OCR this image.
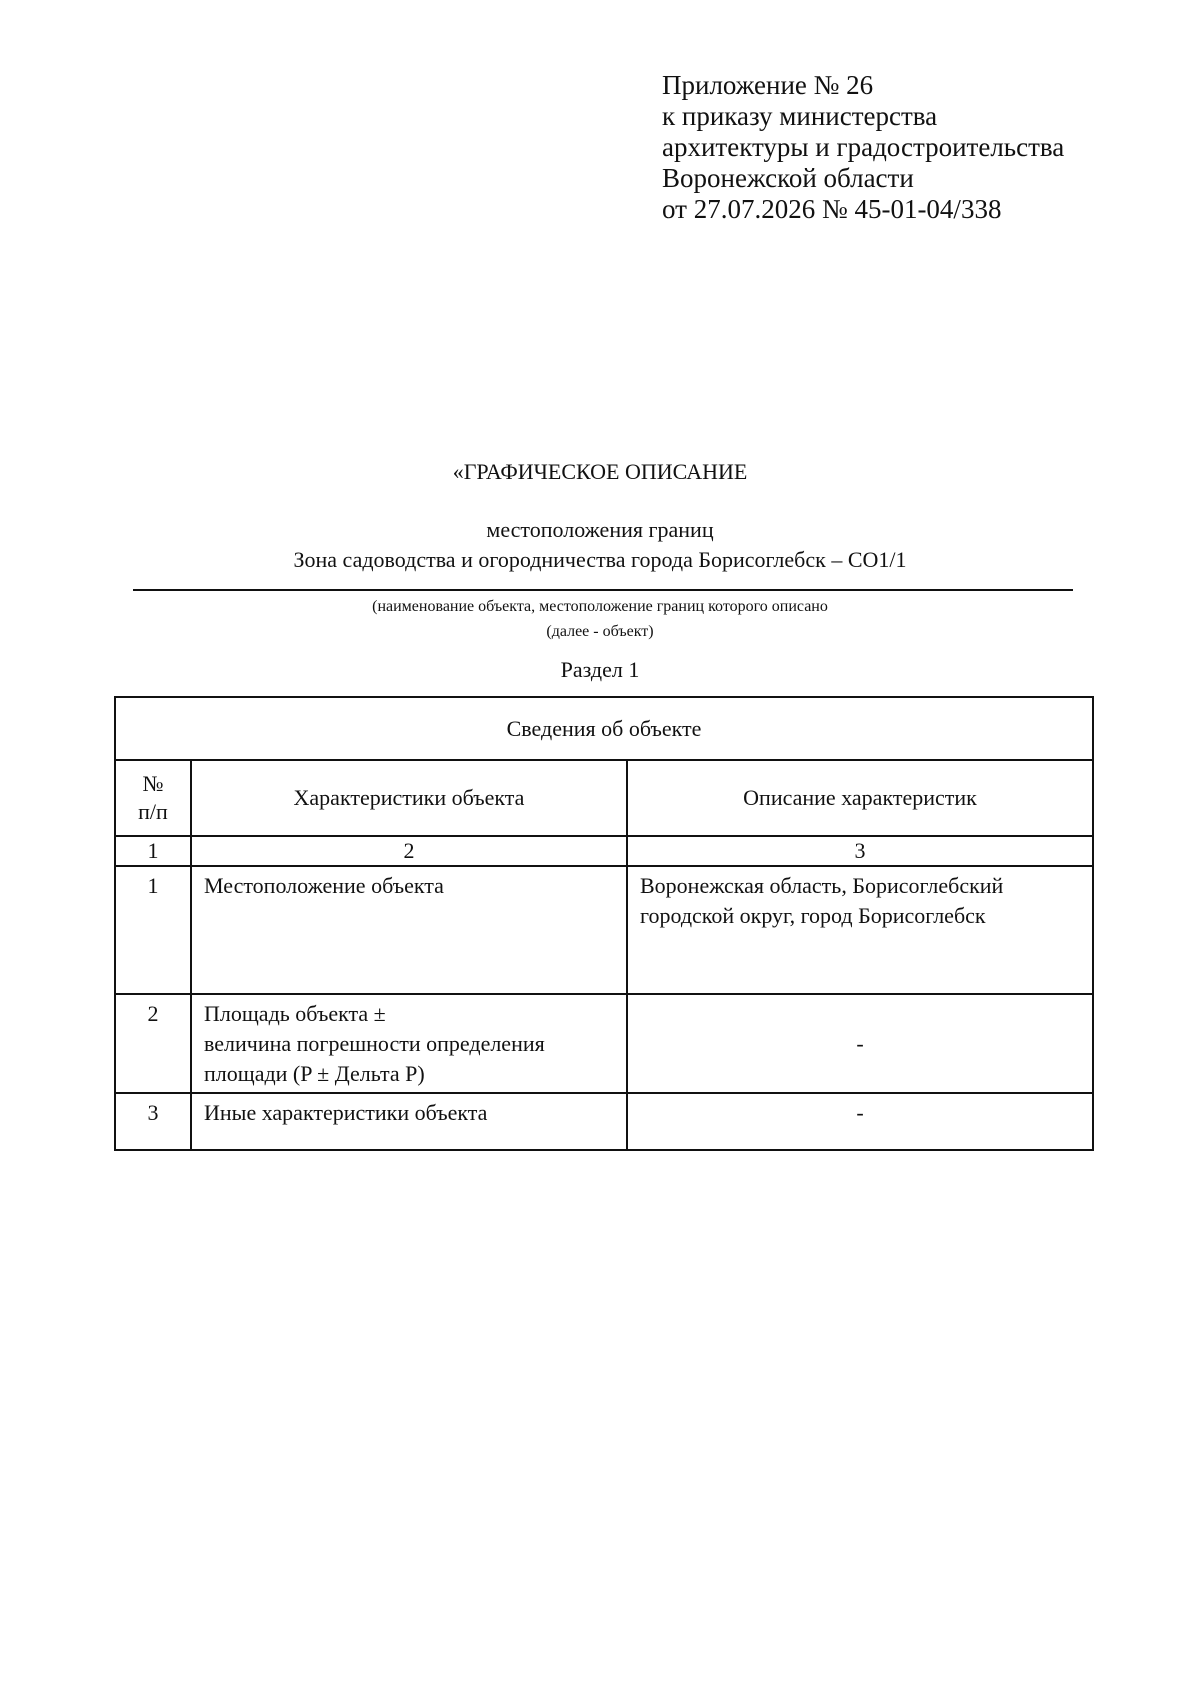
Приложение № 26
к приказу министерства
архитектуры и градостроительства
Воронежской области
от 27.07.2026 № 45-01-04/338
«ГРАФИЧЕСКОЕ ОПИСАНИЕ
местоположения границ
Зона садоводства и огородничества города Борисоглебск – СО1/1
(наименование объекта, местоположение границ которого описано
(далее - объект)
Раздел 1
Сведения об объекте		

№
п/п	Характеристики объекта	Описание характеристик
1	2	3
1	Местоположение объекта	Воронежская область, Борисоглебский
городской округ, город Борисоглебск

2	Площадь объекта ±
величина погрешности определения
площади (P ± Дельта P)	-
3	Иные характеристики объекта	-
